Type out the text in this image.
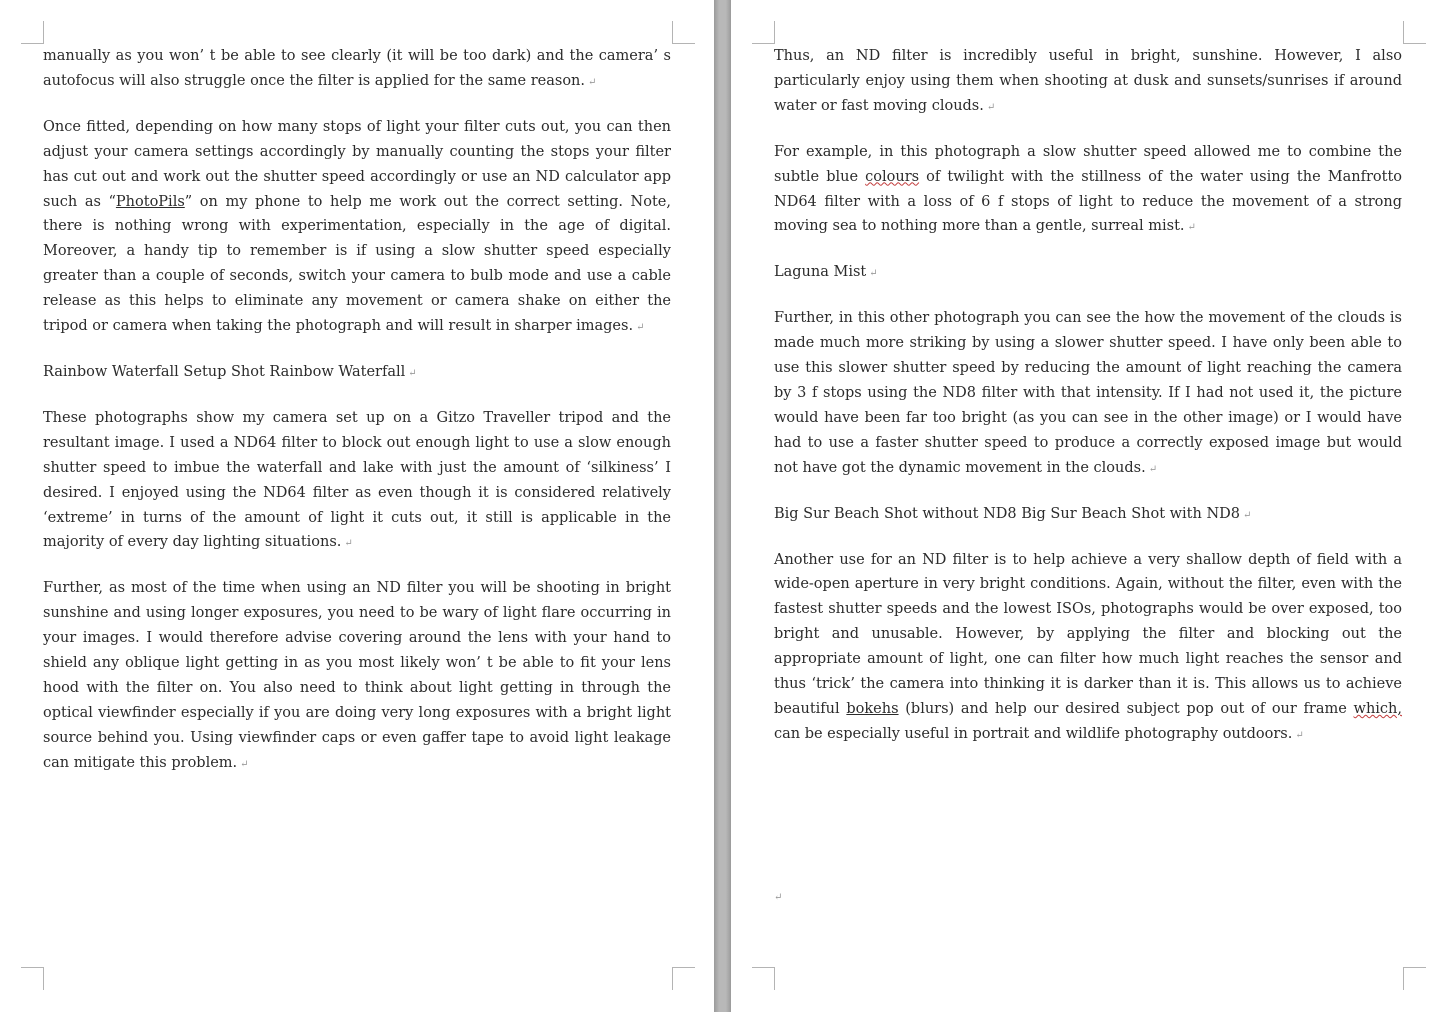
manually as you won’ t be able to see clearly (it will be too dark) and the camera’ s autofocus will also struggle once the filter is applied for the same reason. ↵

Once fitted, depending on how many stops of light your filter cuts out, you can then adjust your camera settings accordingly by manually counting the stops your filter has cut out and work out the shutter speed accordingly or use an ND calculator app such as “PhotoPils” on my phone to help me work out the correct setting. Note, there is nothing wrong with experimentation, especially in the age of digital. Moreover, a handy tip to remember is if using a slow shutter speed especially greater than a couple of seconds, switch your camera to bulb mode and use a cable release as this helps to eliminate any movement or camera shake on either the tripod or camera when taking the photograph and will result in sharper images. ↵

Rainbow Waterfall Setup Shot Rainbow Waterfall ↵

These photographs show my camera set up on a Gitzo Traveller tripod and the resultant image. I used a ND64 filter to block out enough light to use a slow enough shutter speed to imbue the waterfall and lake with just the amount of ‘silkiness’ I desired. I enjoyed using the ND64 filter as even though it is considered relatively ‘extreme’ in turns of the amount of light it cuts out, it still is applicable in the majority of every day lighting situations. ↵

Further, as most of the time when using an ND filter you will be shooting in bright sunshine and using longer exposures, you need to be wary of light flare occurring in your images. I would therefore advise covering around the lens with your hand to shield any oblique light getting in as you most likely won’ t be able to fit your lens hood with the filter on. You also need to think about light getting in through the optical viewfinder especially if you are doing very long exposures with a bright light source behind you. Using viewfinder caps or even gaffer tape to avoid light leakage can mitigate this problem. ↵

Thus, an ND filter is incredibly useful in bright, sunshine. However, I also particularly enjoy using them when shooting at dusk and sunsets/sunrises if around water or fast moving clouds. ↵

For example, in this photograph a slow shutter speed allowed me to combine the subtle blue colours of twilight with the stillness of the water using the Manfrotto ND64 filter with a loss of 6 f stops of light to reduce the movement of a strong moving sea to nothing more than a gentle, surreal mist. ↵

Laguna Mist ↵

Further, in this other photograph you can see the how the movement of the clouds is made much more striking by using a slower shutter speed. I have only been able to use this slower shutter speed by reducing the amount of light reaching the camera by 3 f stops using the ND8 filter with that intensity. If I had not used it, the picture would have been far too bright (as you can see in the other image) or I would have had to use a faster shutter speed to produce a correctly exposed image but would not have got the dynamic movement in the clouds. ↵

Big Sur Beach Shot without ND8 Big Sur Beach Shot with ND8 ↵

Another use for an ND filter is to help achieve a very shallow depth of field with a wide-open aperture in very bright conditions. Again, without the filter, even with the fastest shutter speeds and the lowest ISOs, photographs would be over exposed, too bright and unusable. However, by applying the filter and blocking out the appropriate amount of light, one can filter how much light reaches the sensor and thus ‘trick’ the camera into thinking it is darker than it is. This allows us to achieve beautiful bokehs (blurs) and help our desired subject pop out of our frame which, can be especially useful in portrait and wildlife photography outdoors. ↵

↵
